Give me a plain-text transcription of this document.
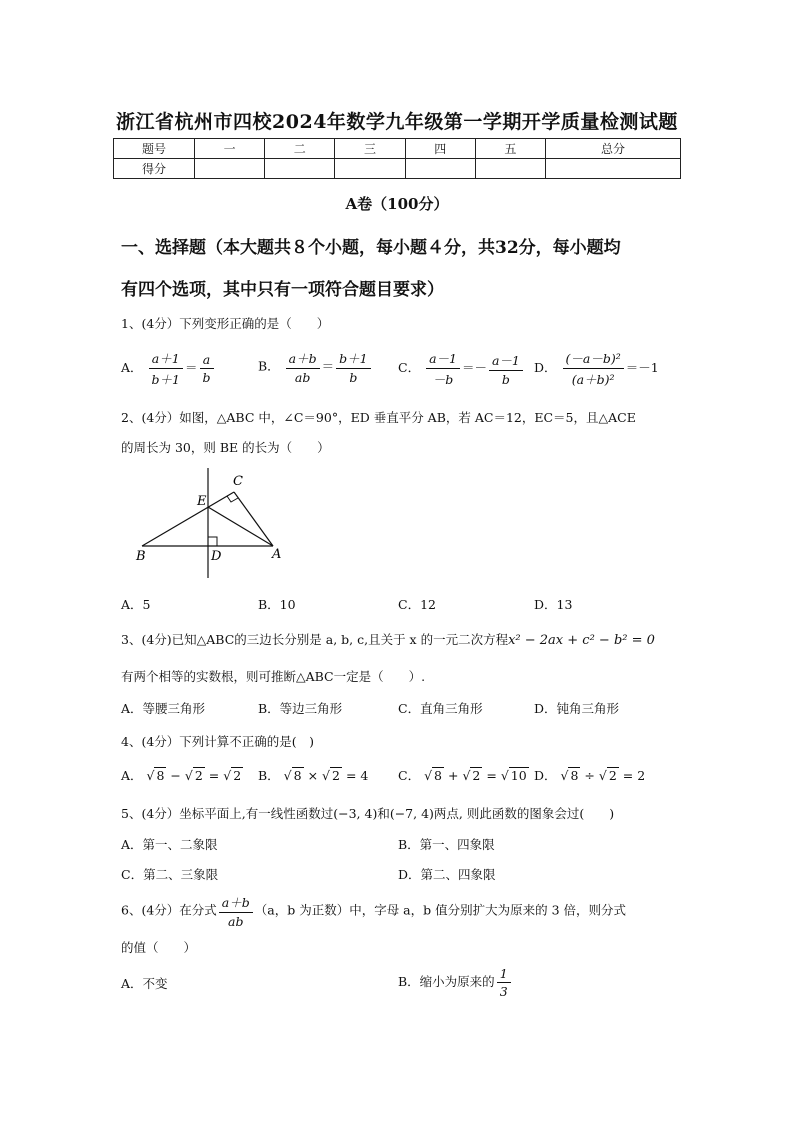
浙江省杭州市四校2024年数学九年级第一学期开学质量检测试题
题号	一	二	三	四	五	总分
得分						
A卷（100分）
一、选择题（本大题共８个小题，每小题４分，共32分，每小题均
有四个选项，其中只有一项符合题目要求）
1、(4分）下列变形正确的是（　　）
A． $\frac{a+1}{b+1} = \frac{a}{b}$	B． $\frac{a+b}{ab} = \frac{b+1}{b}$ C． $\frac{a-1}{-b} =- \frac{a-1}{b}$ D． $\frac{\text{(－a－b)²}}{\text{(a＋b)²}} =-1$
2、(4分）如图，△ABC 中，∠C＝90°，ED 垂直平分 AB，若 AC＝12，EC＝5，且△ACE
的周长为 30，则 BE 的长为（　　）
E
C
B	D	A
A．5	B．10	C．12	D．13
3、(4分)已知△ABC的三边长分别是 a, b, c,且关于 x 的一元二次方程x² − 2ax + c² − b² = 0
有两个相等的实数根，则可推断△ABC一定是（　　）.
A．等腰三角形	B．等边三角形	C．直角三角形	D．钝角三角形
4、(4分）下列计算不正确的是(　)
A． √ 8 − √ 2 = √ 2 B． √ 8 × √ 2 = 4 C． √ 8 + √ 2 = √ 10 D． √ 8 ÷ √ 2 = 2
5、(4分）坐标平面上,有一线性函数过(−3, 4)和(−7, 4)两点, 则此函数的图象会过(　　)
A．第一、二象限	B．第一、四象限
C．第二、三象限	D．第二、四象限
6、(4分）在分式 $\frac{a+b}{ab} (a$，b 为正数）中，字母 a，b 值分别扩大为原来的 3 倍，则分式
的值（　　）
A．不变	B．缩小为原来的 $\frac{1}{3}$
